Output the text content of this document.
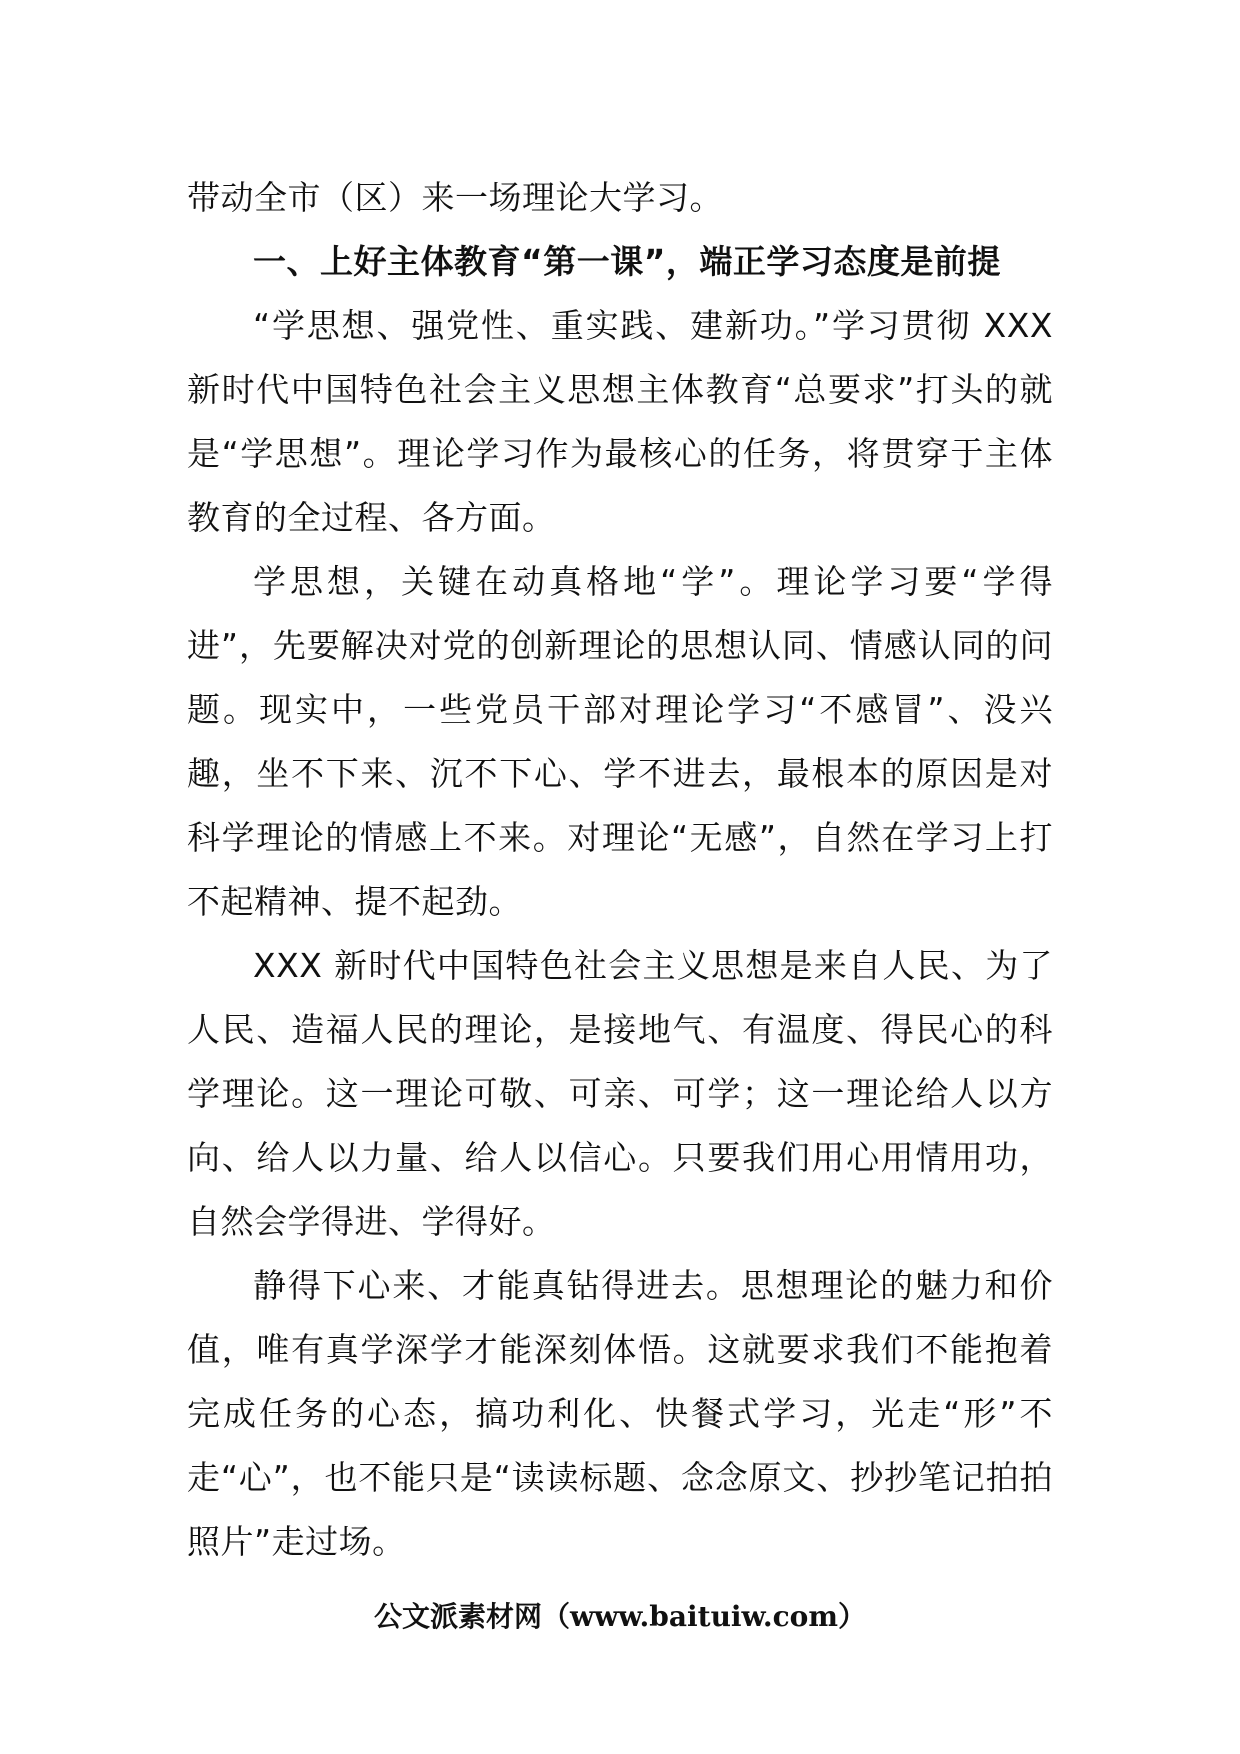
带动全市（区）来一场理论大学习。

一、上好主体教育“第一课”，端正学习态度是前提

“学思想、强党性、重实践、建新功。”学习贯彻 XXX 新时代中国特色社会主义思想主体教育“总要求”打头的就是“学思想”。理论学习作为最核心的任务，将贯穿于主体教育的全过程、各方面。

学思想，关键在动真格地“学”。理论学习要“学得进”，先要解决对党的创新理论的思想认同、情感认同的问题。现实中，一些党员干部对理论学习“不感冒”、没兴趣，坐不下来、沉不下心、学不进去，最根本的原因是对科学理论的情感上不来。对理论“无感”，自然在学习上打不起精神、提不起劲。

XXX 新时代中国特色社会主义思想是来自人民、为了人民、造福人民的理论，是接地气、有温度、得民心的科学理论。这一理论可敬、可亲、可学；这一理论给人以方向、给人以力量、给人以信心。只要我们用心用情用功，自然会学得进、学得好。

静得下心来、才能真钻得进去。思想理论的魅力和价值，唯有真学深学才能深刻体悟。这就要求我们不能抱着完成任务的心态，搞功利化、快餐式学习，光走“形”不走“心”，也不能只是“读读标题、念念原文、抄抄笔记拍拍照片”走过场。

公文派素材网（www.baituiw.com）
